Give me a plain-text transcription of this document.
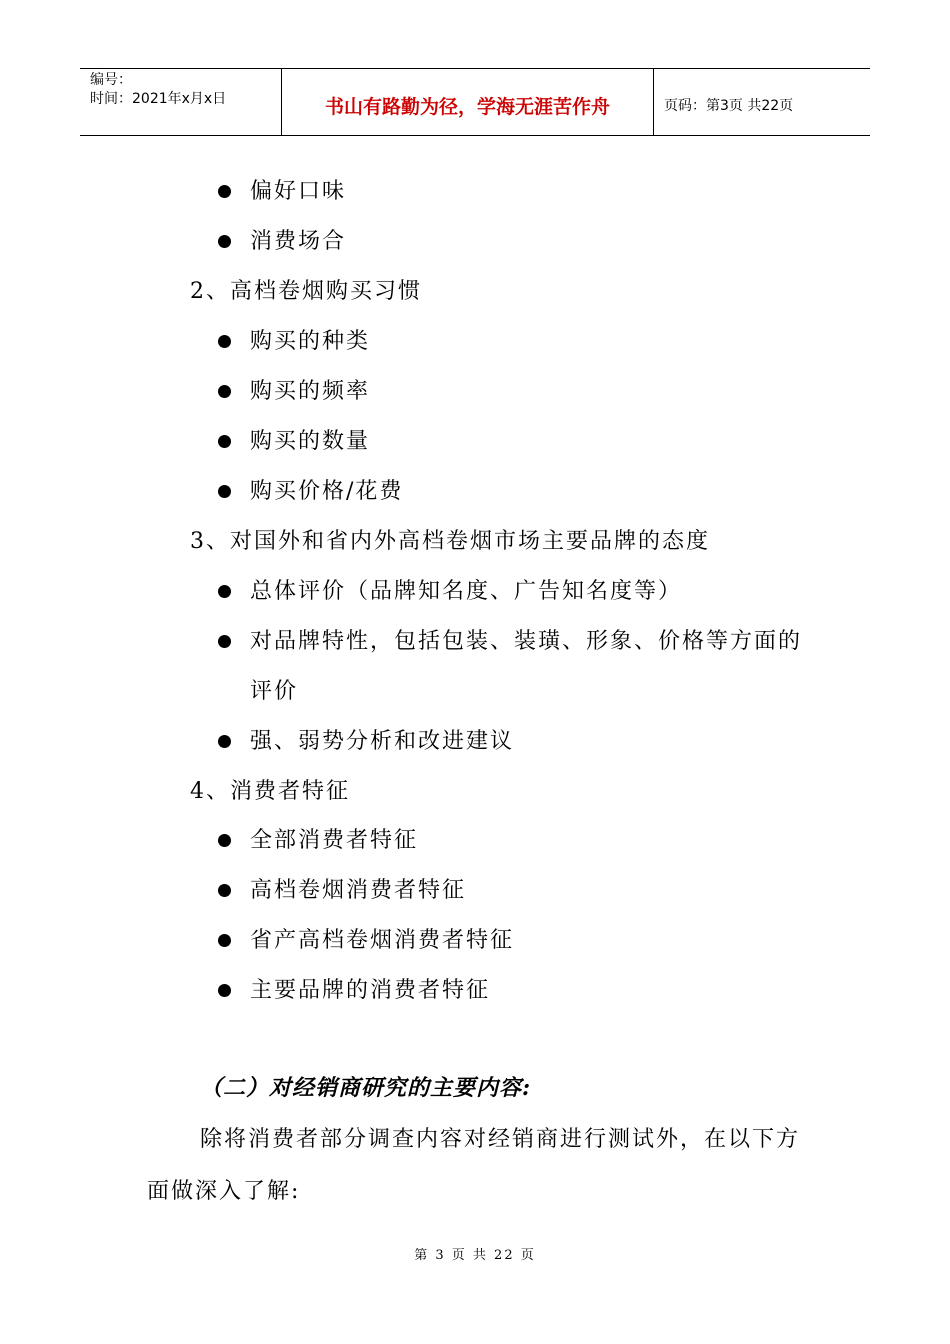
编号：
时间：2021年x月x日	书山有路勤为径，学海无涯苦作舟	页码：第3页 共22页
偏好口味
消费场合
2、高档卷烟购买习惯
购买的种类
购买的频率
购买的数量
购买价格/花费
3、对国外和省内外高档卷烟市场主要品牌的态度
总体评价（品牌知名度、广告知名度等）
对品牌特性，包括包装、装璜、形象、价格等方面的
评价
强、弱势分析和改进建议
4、消费者特征
全部消费者特征
高档卷烟消费者特征
省产高档卷烟消费者特征
主要品牌的消费者特征
（二）对经销商研究的主要内容:
除将消费者部分调查内容对经销商进行测试外，在以下方
面做深入了解:
第 3 页 共 22 页
